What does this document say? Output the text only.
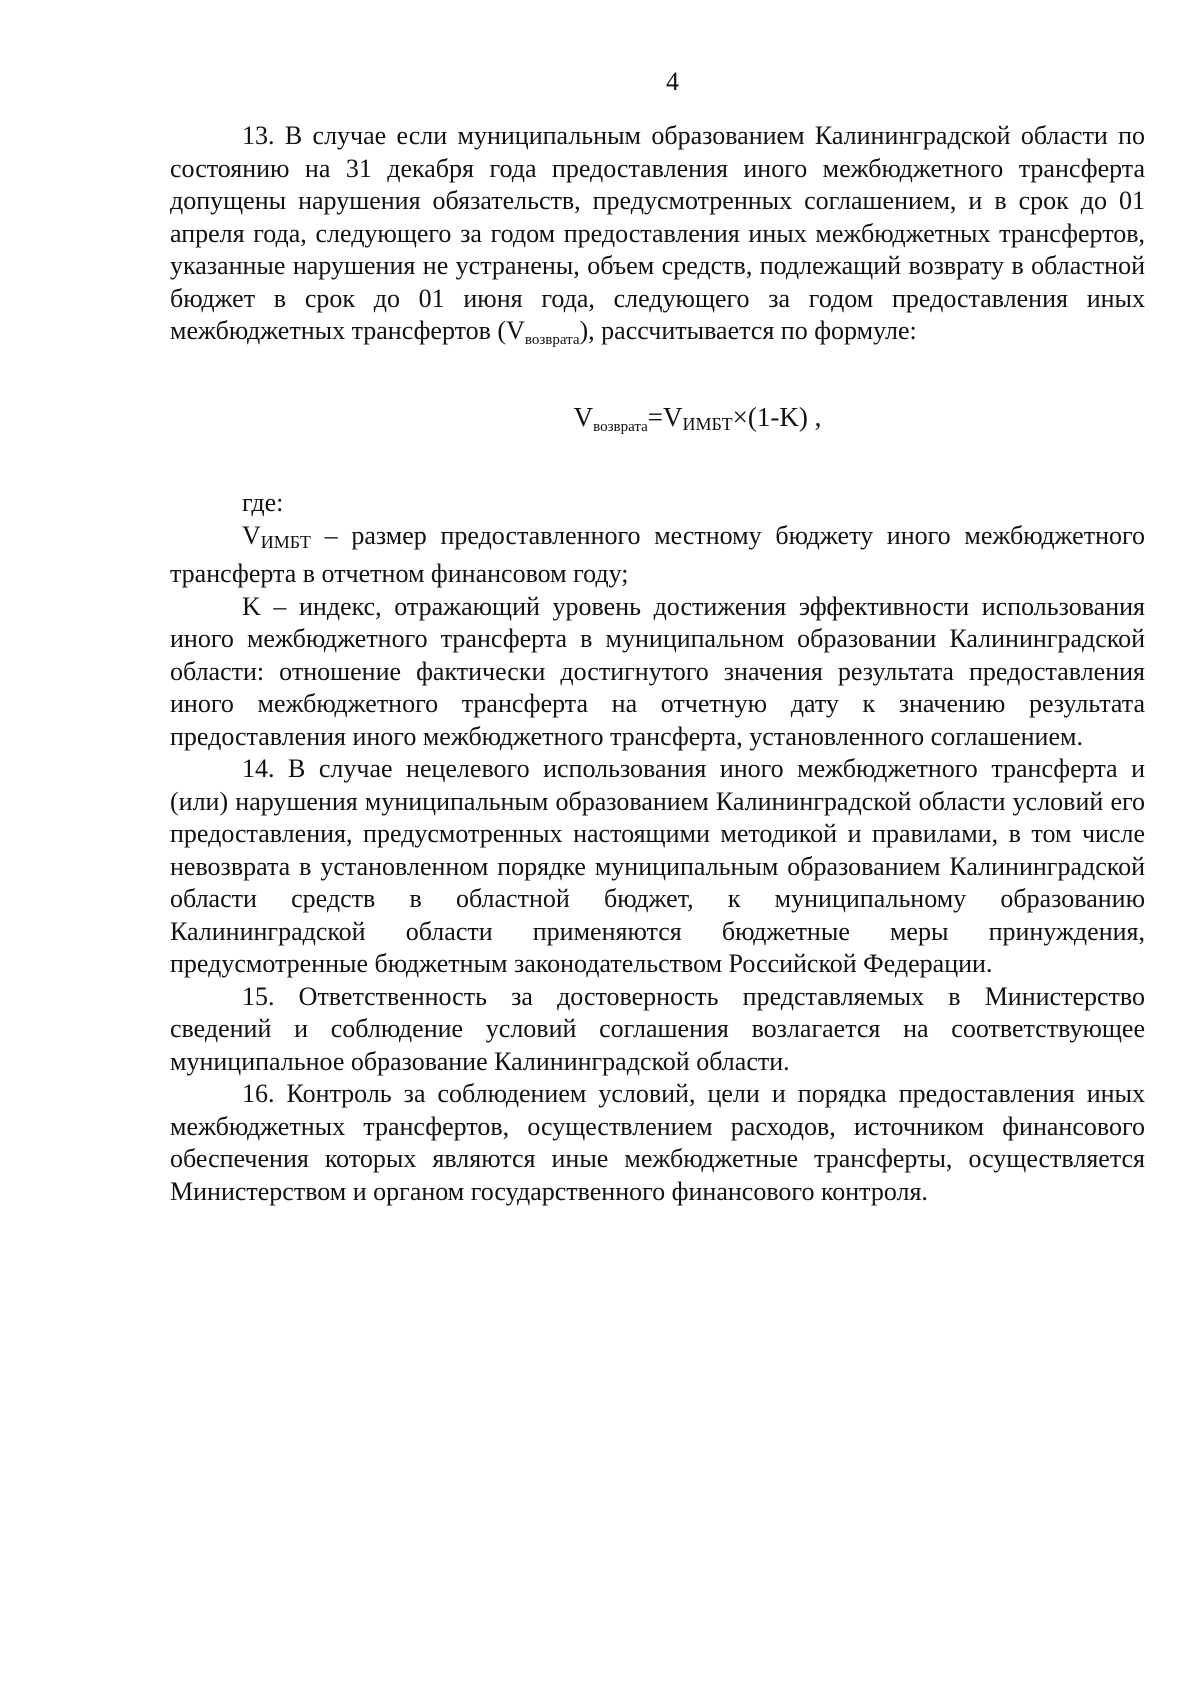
4

13. В случае если муниципальным образованием Калининградской области по состоянию на 31 декабря года предоставления иного межбюджетного трансферта допущены нарушения обязательств, предусмотренных соглашением, и в срок до 01 апреля года, следующего за годом предоставления иных межбюджетных трансфертов, указанные нарушения не устранены, объем средств, подлежащий возврату в областной бюджет в срок до 01 июня года, следующего за годом предоставления иных межбюджетных трансфертов $(V_{возврата})$, рассчитывается по формуле:

$V_{возврата}=VИМБТ\times(1-K)$ ,

где:

VИМБТ – размер предоставленного местному бюджету иного межбюджетного трансферта в отчетном финансовом году;

K – индекс, отражающий уровень достижения эффективности использования иного межбюджетного трансферта в муниципальном образовании Калининградской области: отношение фактически достигнутого значения результата предоставления иного межбюджетного трансферта на отчетную дату к значению результата предоставления иного межбюджетного трансферта, установленного соглашением.

14. В случае нецелевого использования иного межбюджетного трансферта и (или) нарушения муниципальным образованием Калининградской области условий его предоставления, предусмотренных настоящими методикой и правилами, в том числе невозврата в установленном порядке муниципальным образованием Калининградской области средств в областной бюджет, к муниципальному образованию Калининградской области применяются бюджетные меры принуждения, предусмотренные бюджетным законодательством Российской Федерации.

15. Ответственность за достоверность представляемых в Министерство сведений и соблюдение условий соглашения возлагается на соответствующее муниципальное образование Калининградской области.

16. Контроль за соблюдением условий, цели и порядка предоставления иных межбюджетных трансфертов, осуществлением расходов, источником финансового обеспечения которых являются иные межбюджетные трансферты, осуществляется Министерством и органом государственного финансового контроля.
